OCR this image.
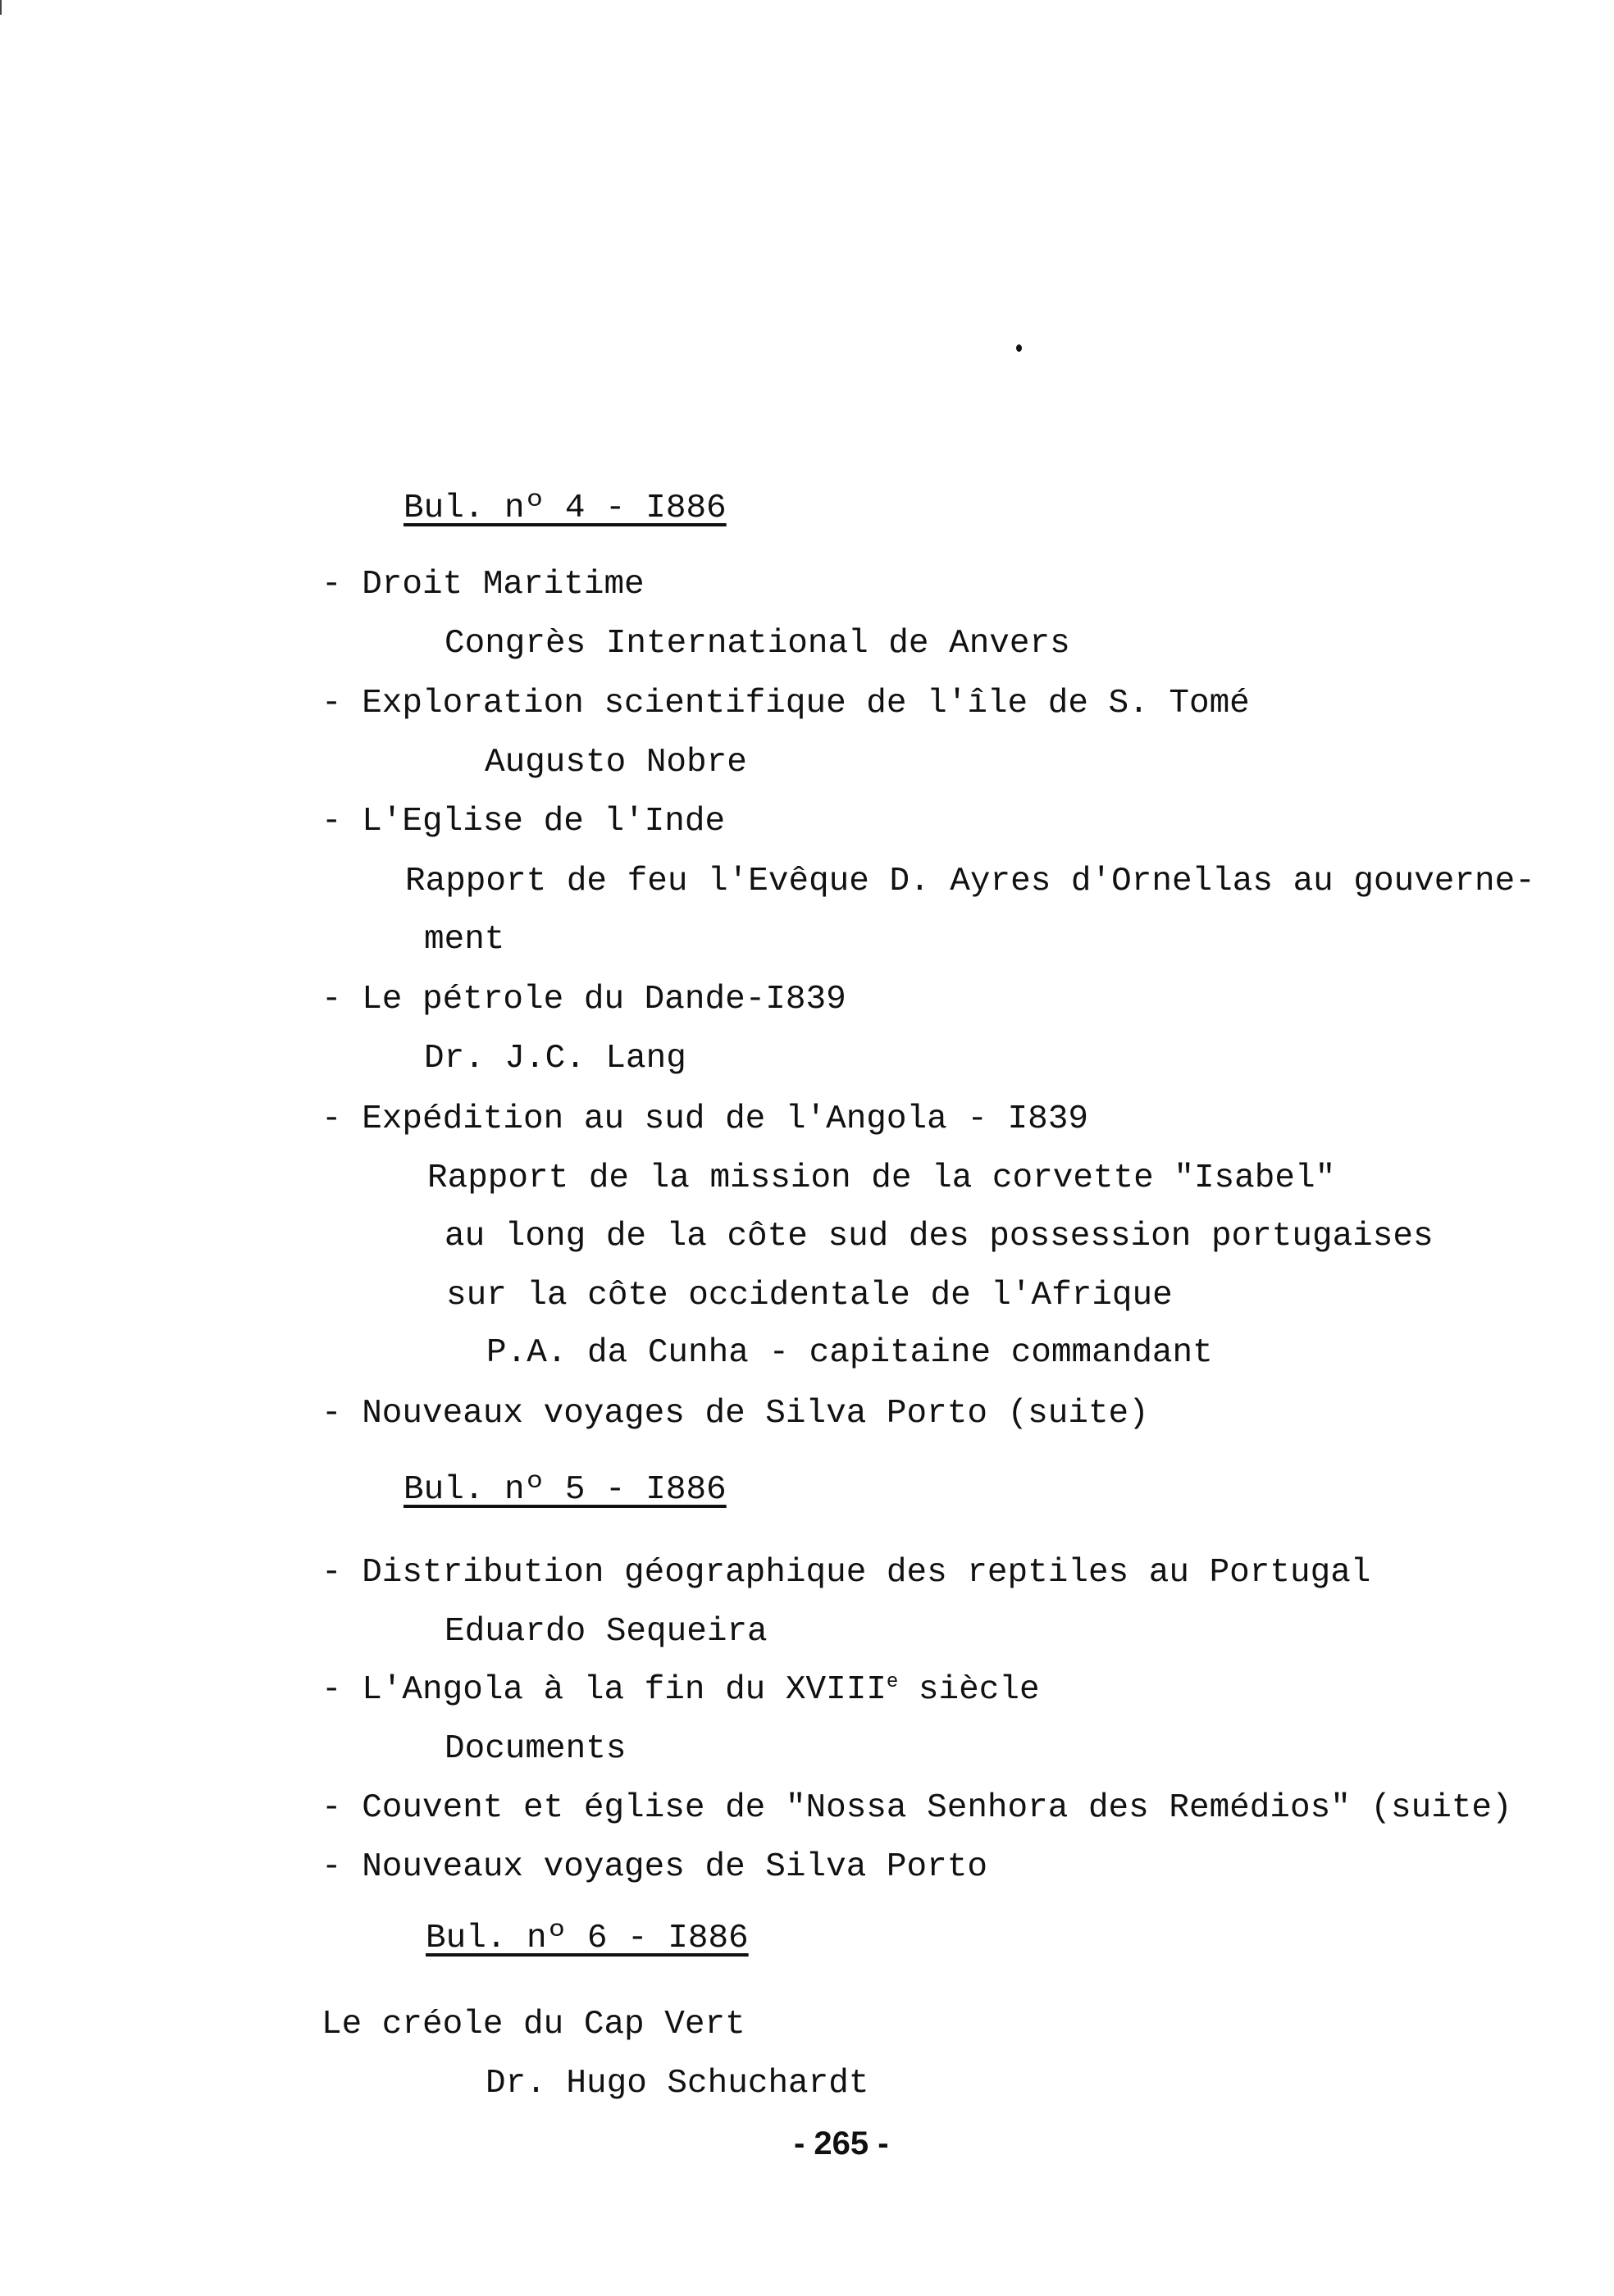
Bul. nº 4 - I886
- Droit Maritime
Congrès International de Anvers
- Exploration scientifique de l'île de S. Tomé
Augusto Nobre
- L'Eglise de l'Inde
Rapport de feu l'Evêque D. Ayres d'Ornellas au gouverne-
ment
- Le pétrole du Dande-I839
Dr. J.C. Lang
- Expédition au sud de l'Angola - I839
Rapport de la mission de la corvette "Isabel"
au long de la côte sud des possession portugaises
sur la côte occidentale de l'Afrique
P.A. da Cunha - capitaine commandant
- Nouveaux voyages de Silva Porto (suite)
Bul. nº 5 - I886
- Distribution géographique des reptiles au Portugal
Eduardo Sequeira
- L'Angola à la fin du XVIIIe siècle
Documents
- Couvent et église de "Nossa Senhora des Remédios" (suite)
- Nouveaux voyages de Silva Porto
Bul. nº 6 - I886
Le créole du Cap Vert
Dr. Hugo Schuchardt
- 265 -
